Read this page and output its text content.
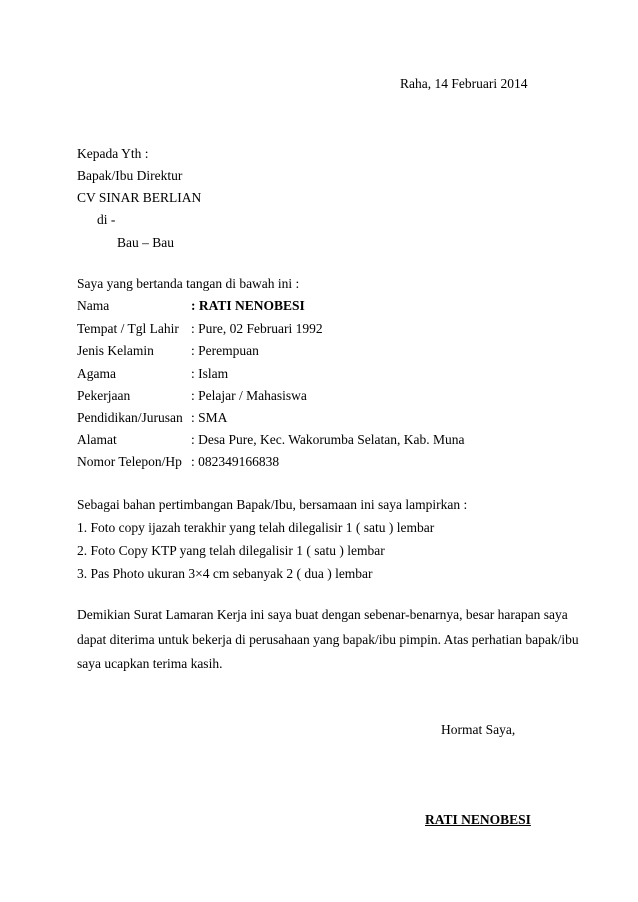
Raha, 14 Februari 2014
Kepada Yth :
Bapak/Ibu Direktur
CV SINAR BERLIAN
di -
Bau – Bau
Saya yang bertanda tangan di bawah ini :
Nama	: RATI NENOBESI
Tempat / Tgl Lahir : Pure, 02 Februari 1992
Jenis Kelamin	: Perempuan
Agama	: Islam
Pekerjaan	: Pelajar / Mahasiswa
Pendidikan/Jurusan : SMA
Alamat	: Desa Pure, Kec. Wakorumba Selatan, Kab. Muna
Nomor Telepon/Hp : 082349166838
Sebagai bahan pertimbangan Bapak/Ibu, bersamaan ini saya lampirkan :
1. Foto copy ijazah terakhir yang telah dilegalisir 1 ( satu ) lembar
2. Foto Copy KTP yang telah dilegalisir 1 ( satu ) lembar
3. Pas Photo ukuran 3×4 cm sebanyak 2 ( dua ) lembar
Demikian Surat Lamaran Kerja ini saya buat dengan sebenar-benarnya, besar harapan saya
dapat diterima untuk bekerja di perusahaan yang bapak/ibu pimpin. Atas perhatian bapak/ibu
saya ucapkan terima kasih.
Hormat Saya,
RATI NENOBESI
